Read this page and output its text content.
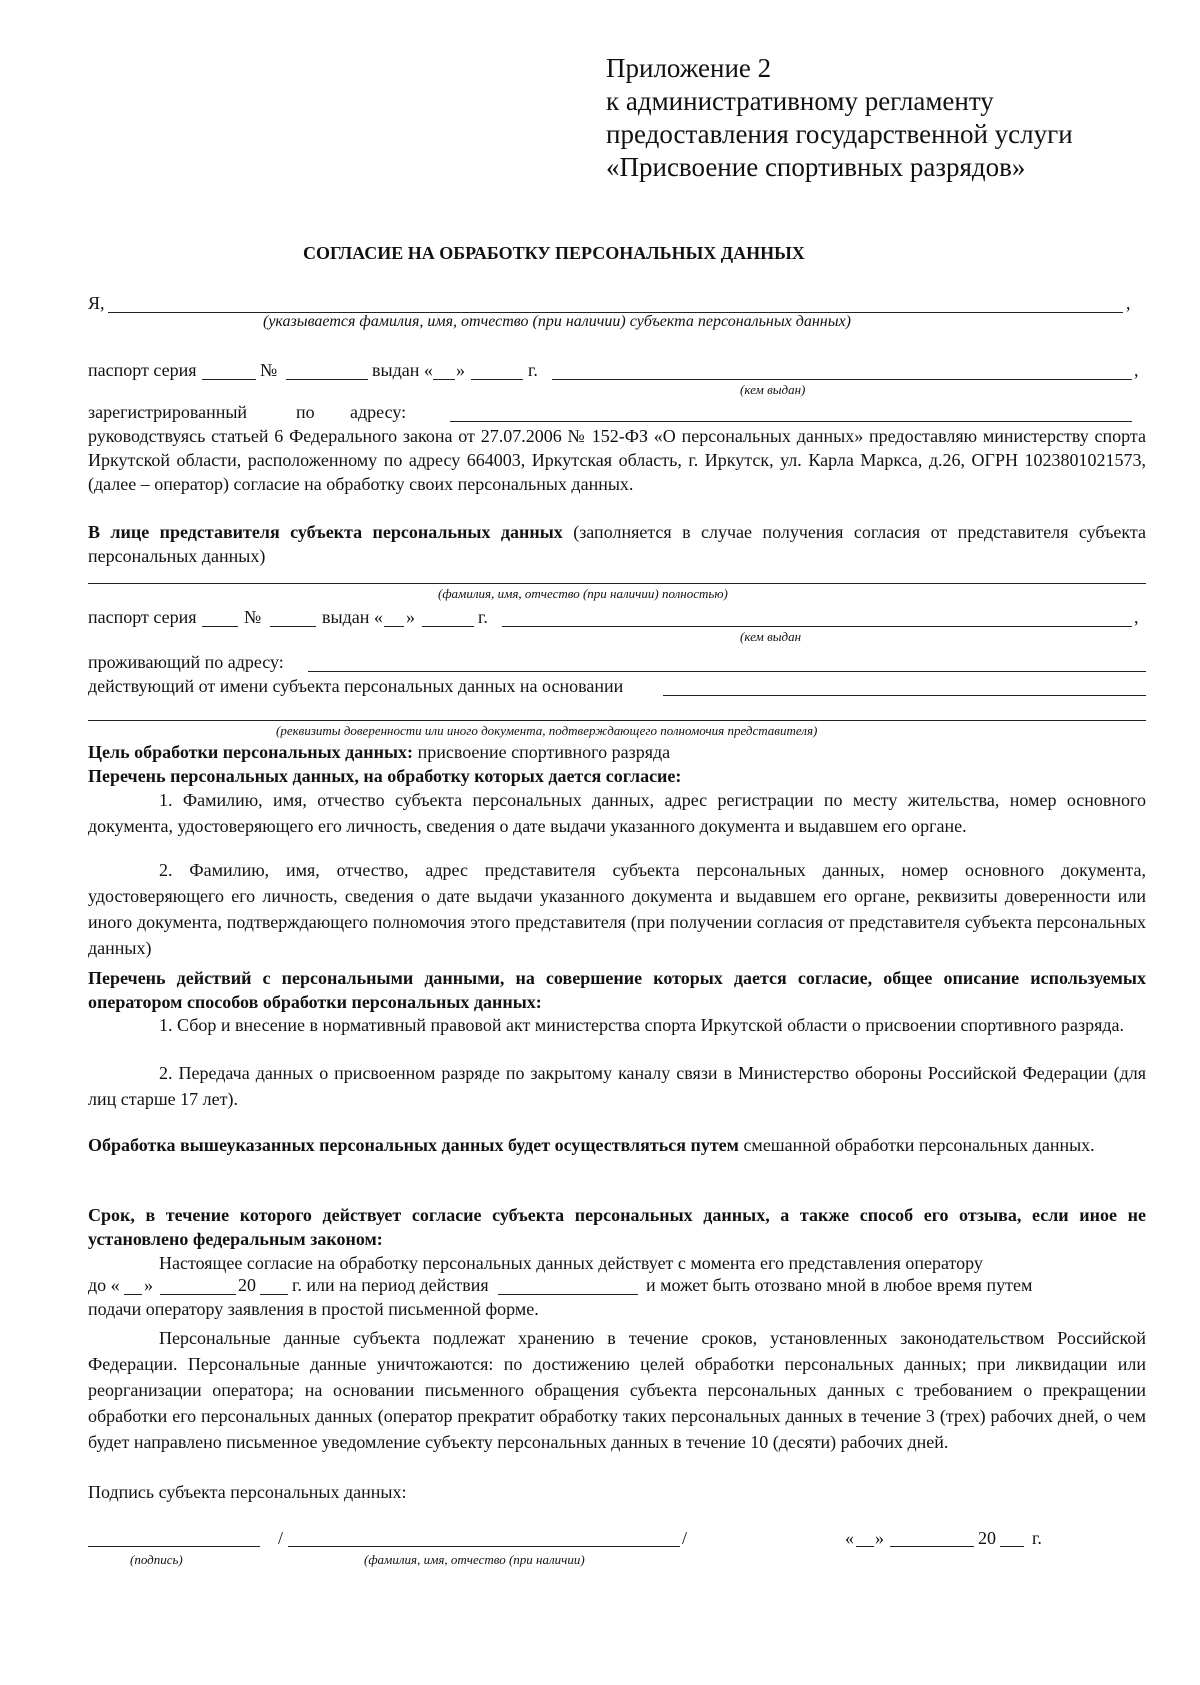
Приложение 2
к административному регламенту
предоставления государственной услуги
«Присвоение спортивных разрядов»
СОГЛАСИЕ НА ОБРАБОТКУ ПЕРСОНАЛЬНЫХ ДАННЫХ
Я,	,
(указывается фамилия, имя, отчество (при наличии) субъекта персональных данных)
паспорт серия	№	выдан « »	г.	,
(кем выдан)
зарегистрированный	по адресу:
руководствуясь статьей 6 Федерального закона от 27.07.2006 № 152-ФЗ «О персональных данных» предоставляю министерству спорта Иркутской области, расположенному по адресу 664003, Иркутская область, г. Иркутск, ул. Карла Маркса, д.26, ОГРН 1023801021573, (далее – оператор) согласие на обработку своих персональных данных.
В лице представителя субъекта персональных данных (заполняется в случае получения согласия от представителя субъекта персональных данных)
(фамилия, имя, отчество (при наличии) полностью)
паспорт серия	№	выдан « »	г.	,
(кем выдан
проживающий по адресу:
действующий от имени субъекта персональных данных на основании
(реквизиты доверенности или иного документа, подтверждающего полномочия представителя)
Цель обработки персональных данных: присвоение спортивного разряда
Перечень персональных данных, на обработку которых дается согласие:
1. Фамилию, имя, отчество субъекта персональных данных, адрес регистрации по месту жительства, номер основного документа, удостоверяющего его личность, сведения о дате выдачи указанного документа и выдавшем его органе.
2. Фамилию, имя, отчество, адрес представителя субъекта персональных данных, номер основного документа, удостоверяющего его личность, сведения о дате выдачи указанного документа и выдавшем его органе, реквизиты доверенности или иного документа, подтверждающего полномочия этого представителя (при получении согласия от представителя субъекта персональных данных)
Перечень действий с персональными данными, на совершение которых дается согласие, общее описание используемых оператором способов обработки персональных данных:
1. Сбор и внесение в нормативный правовой акт министерства спорта Иркутской области о присвоении спортивного разряда.
2. Передача данных о присвоенном разряде по закрытому каналу связи в Министерство обороны Российской Федерации (для лиц старше 17 лет).
Обработка вышеуказанных персональных данных будет осуществляться путем смешанной обработки персональных данных.
Срок, в течение которого действует согласие субъекта персональных данных, а также способ его отзыва, если иное не установлено федеральным законом:
Настоящее согласие на обработку персональных данных действует с момента его представления оператору
до « »	20 г. или на период действия	и может быть отозвано мной в любое время путем
подачи оператору заявления в простой письменной форме.
Персональные данные субъекта подлежат хранению в течение сроков, установленных законодательством Российской Федерации. Персональные данные уничтожаются: по достижению целей обработки персональных данных; при ликвидации или реорганизации оператора; на основании письменного обращения субъекта персональных данных с требованием о прекращении обработки его персональных данных (оператор прекратит обработку таких персональных данных в течение 3 (трех) рабочих дней, о чем будет направлено письменное уведомление субъекту персональных данных в течение 10 (десяти) рабочих дней.
Подпись субъекта персональных данных:
/	/
(подпись)	(фамилия, имя, отчество (при наличии)
« »	20 г.
